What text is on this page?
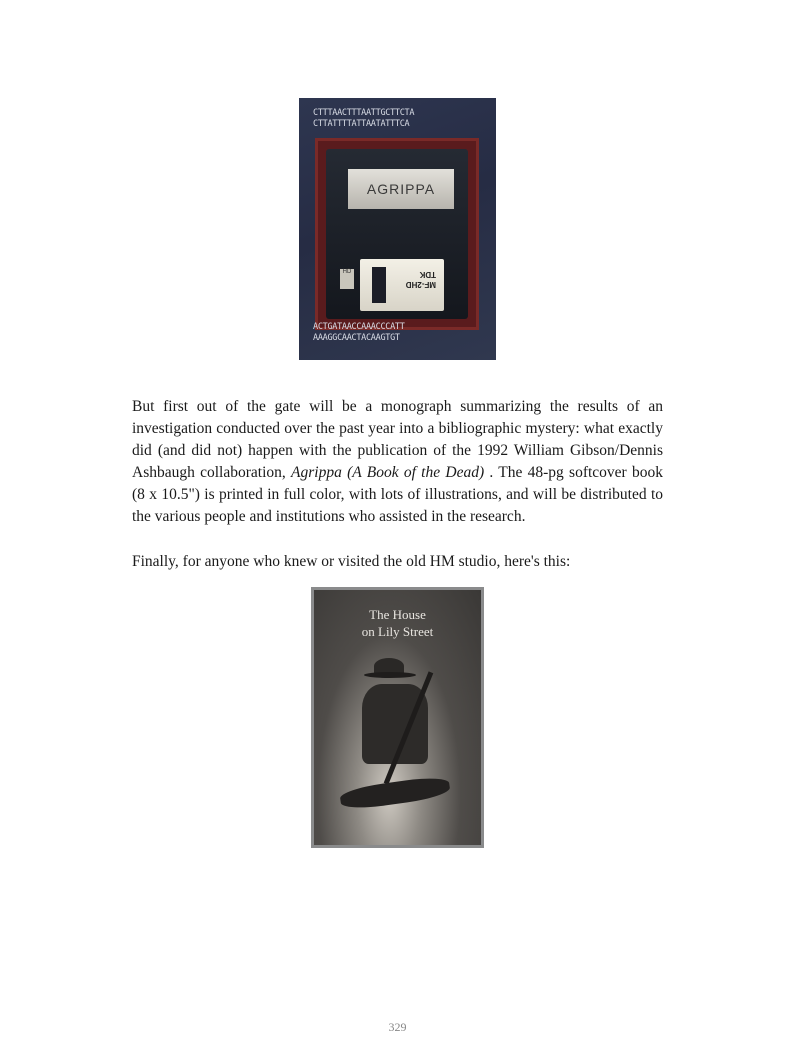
CTTTAACTTTAATTGCTTCTA
CTTATTTTATTAATATTTCA
AGRIPPA
HD
MF-2HD
TDK
ACTGATAACCAAACCCATT
AAAGGCAACTACAAGTGT

But first out of the gate will be a monograph summarizing the results of an investigation conducted over the past year into a bibliographic mystery: what exactly did (and did not) happen with the publication of the 1992 William Gibson/Dennis Ashbaugh collaboration, Agrippa (A Book of the Dead) . The 48-pg softcover book (8 x 10.5") is printed in full color, with lots of illustrations, and will be distributed to the various people and institutions who assisted in the research.

Finally, for anyone who knew or visited the old HM studio, here's this:

The House
on Lily Street
329
